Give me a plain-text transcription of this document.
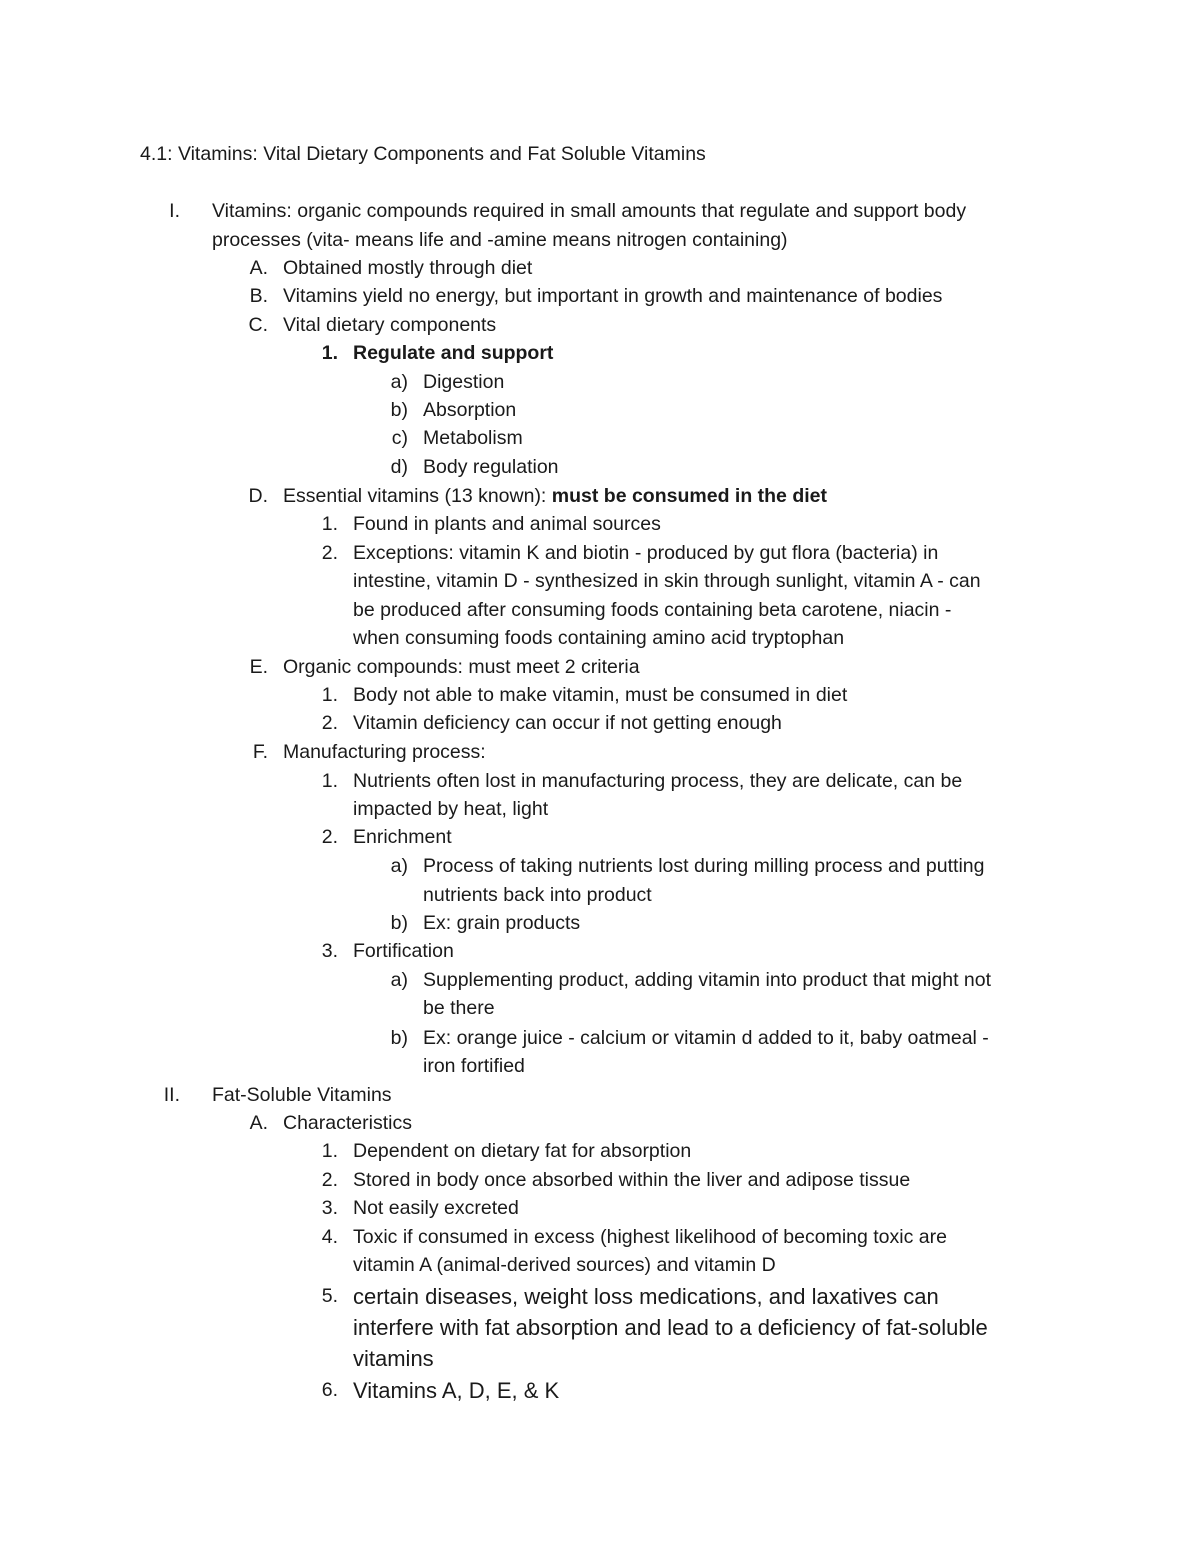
4.1: Vitamins: Vital Dietary Components and Fat Soluble Vitamins
I. Vitamins: organic compounds required in small amounts that regulate and support body
processes (vita- means life and -amine means nitrogen containing)
A. Obtained mostly through diet
B. Vitamins yield no energy, but important in growth and maintenance of bodies
C. Vital dietary components
1. Regulate and support
a) Digestion
b) Absorption
c) Metabolism
d) Body regulation
D. Essential vitamins (13 known): must be consumed in the diet
1. Found in plants and animal sources
2. Exceptions: vitamin K and biotin - produced by gut flora (bacteria) in
intestine, vitamin D - synthesized in skin through sunlight, vitamin A - can
be produced after consuming foods containing beta carotene, niacin -
when consuming foods containing amino acid tryptophan
E. Organic compounds: must meet 2 criteria
1. Body not able to make vitamin, must be consumed in diet
2. Vitamin deficiency can occur if not getting enough
F. Manufacturing process:
1. Nutrients often lost in manufacturing process, they are delicate, can be
impacted by heat, light
2. Enrichment
a) Process of taking nutrients lost during milling process and putting
nutrients back into product
b) Ex: grain products
3. Fortification
a) Supplementing product, adding vitamin into product that might not
be there
b) Ex: orange juice - calcium or vitamin d added to it, baby oatmeal -
iron fortified
II. Fat-Soluble Vitamins
A. Characteristics
1. Dependent on dietary fat for absorption
2. Stored in body once absorbed within the liver and adipose tissue
3. Not easily excreted
4. Toxic if consumed in excess (highest likelihood of becoming toxic are
vitamin A (animal-derived sources) and vitamin D
5. certain diseases, weight loss medications, and laxatives can
interfere with fat absorption and lead to a deficiency of fat-soluble
vitamins
6. Vitamins A, D, E, & K
